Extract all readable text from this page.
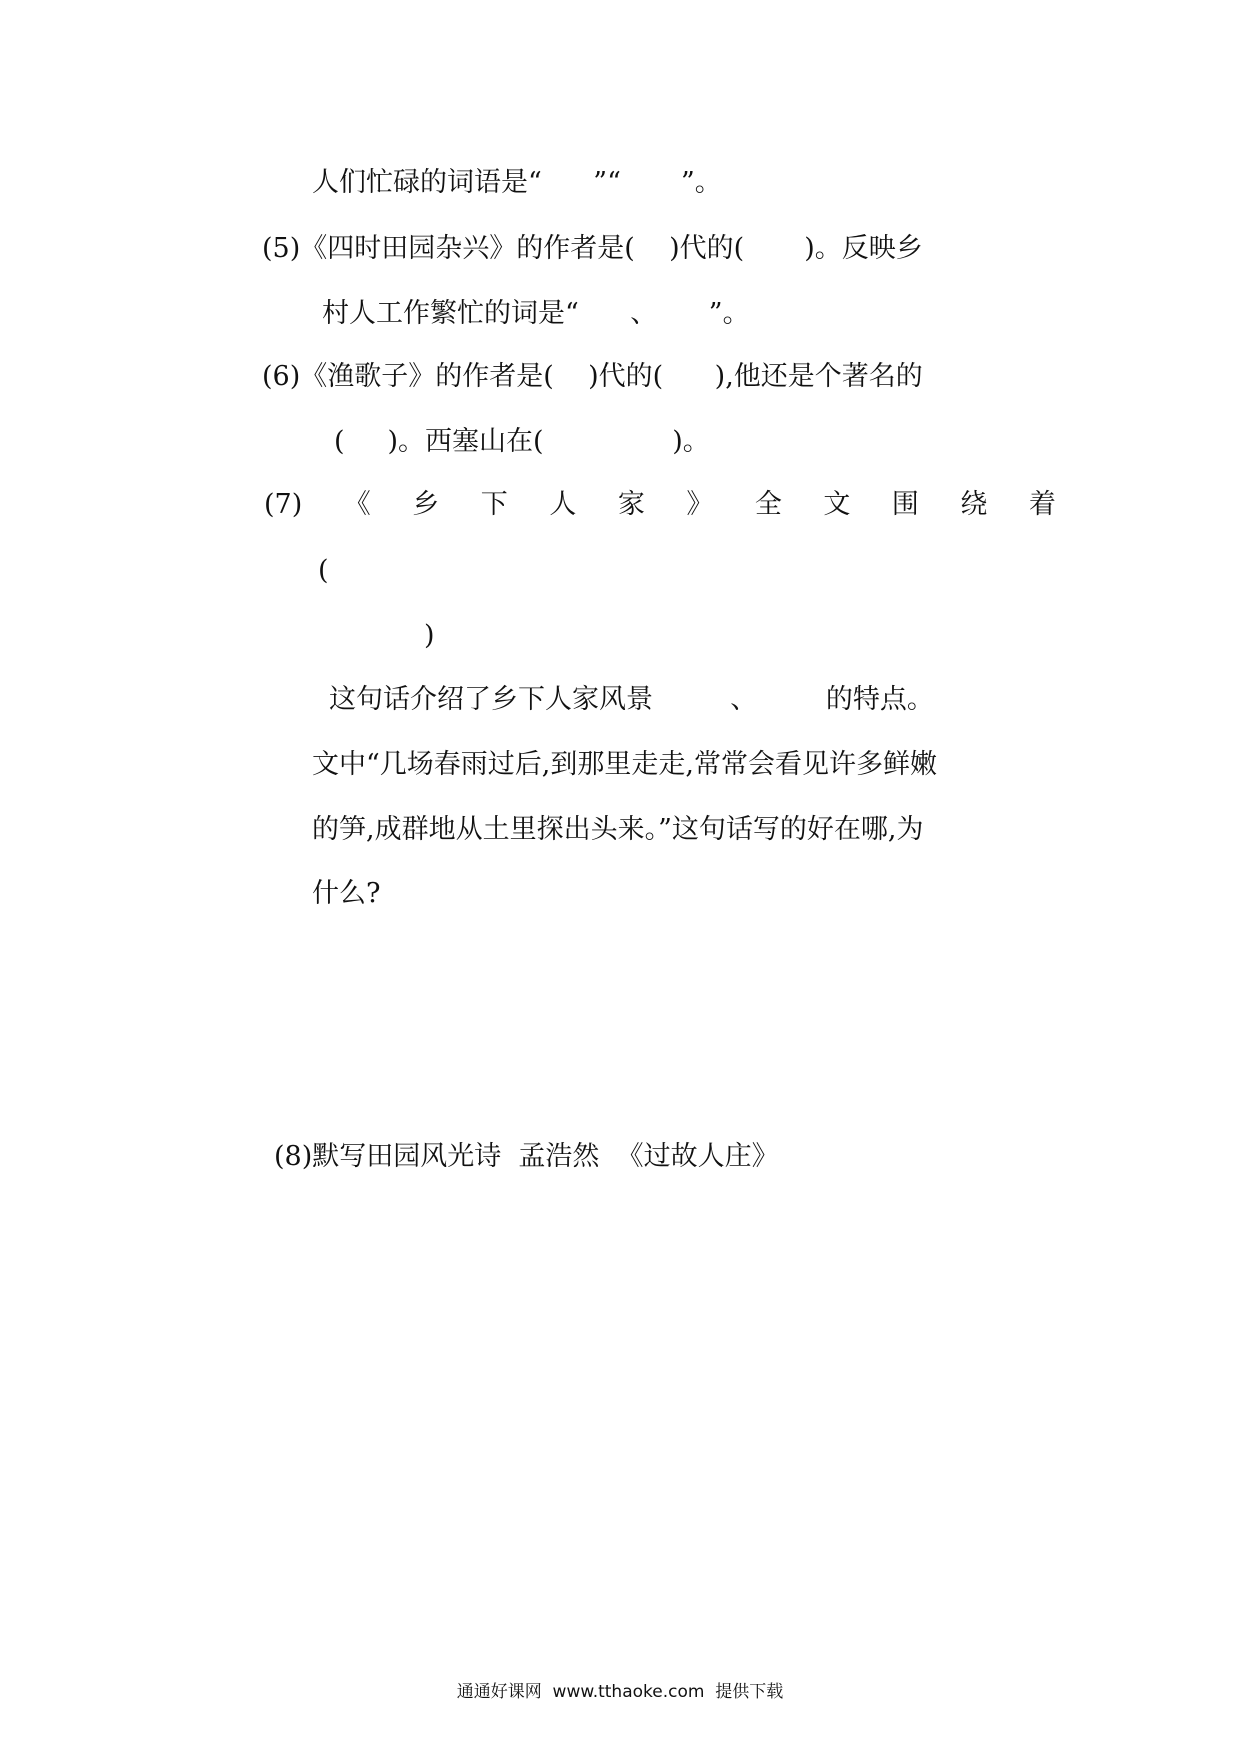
人们忙碌的词语是“      ”“       ”。
(5)《四时田园杂兴》的作者是(    )代的(       )。反映乡
村人工作繁忙的词是“      、      ”。
(6)《渔歌子》的作者是(    )代的(      ),他还是个著名的
(     )。西塞山在(               )。
(7) 《 乡 下 人 家 》 全 文 围 绕 着
(
)
这句话介绍了乡下人家风景         、        的特点。
文中“几场春雨过后,到那里走走,常常会看见许多鲜嫩
的笋,成群地从土里探出头来。”这句话写的好在哪,为
什么?
(8)默写田园风光诗  孟浩然  《过故人庄》
通通好课网  www.tthaoke.com  提供下载
